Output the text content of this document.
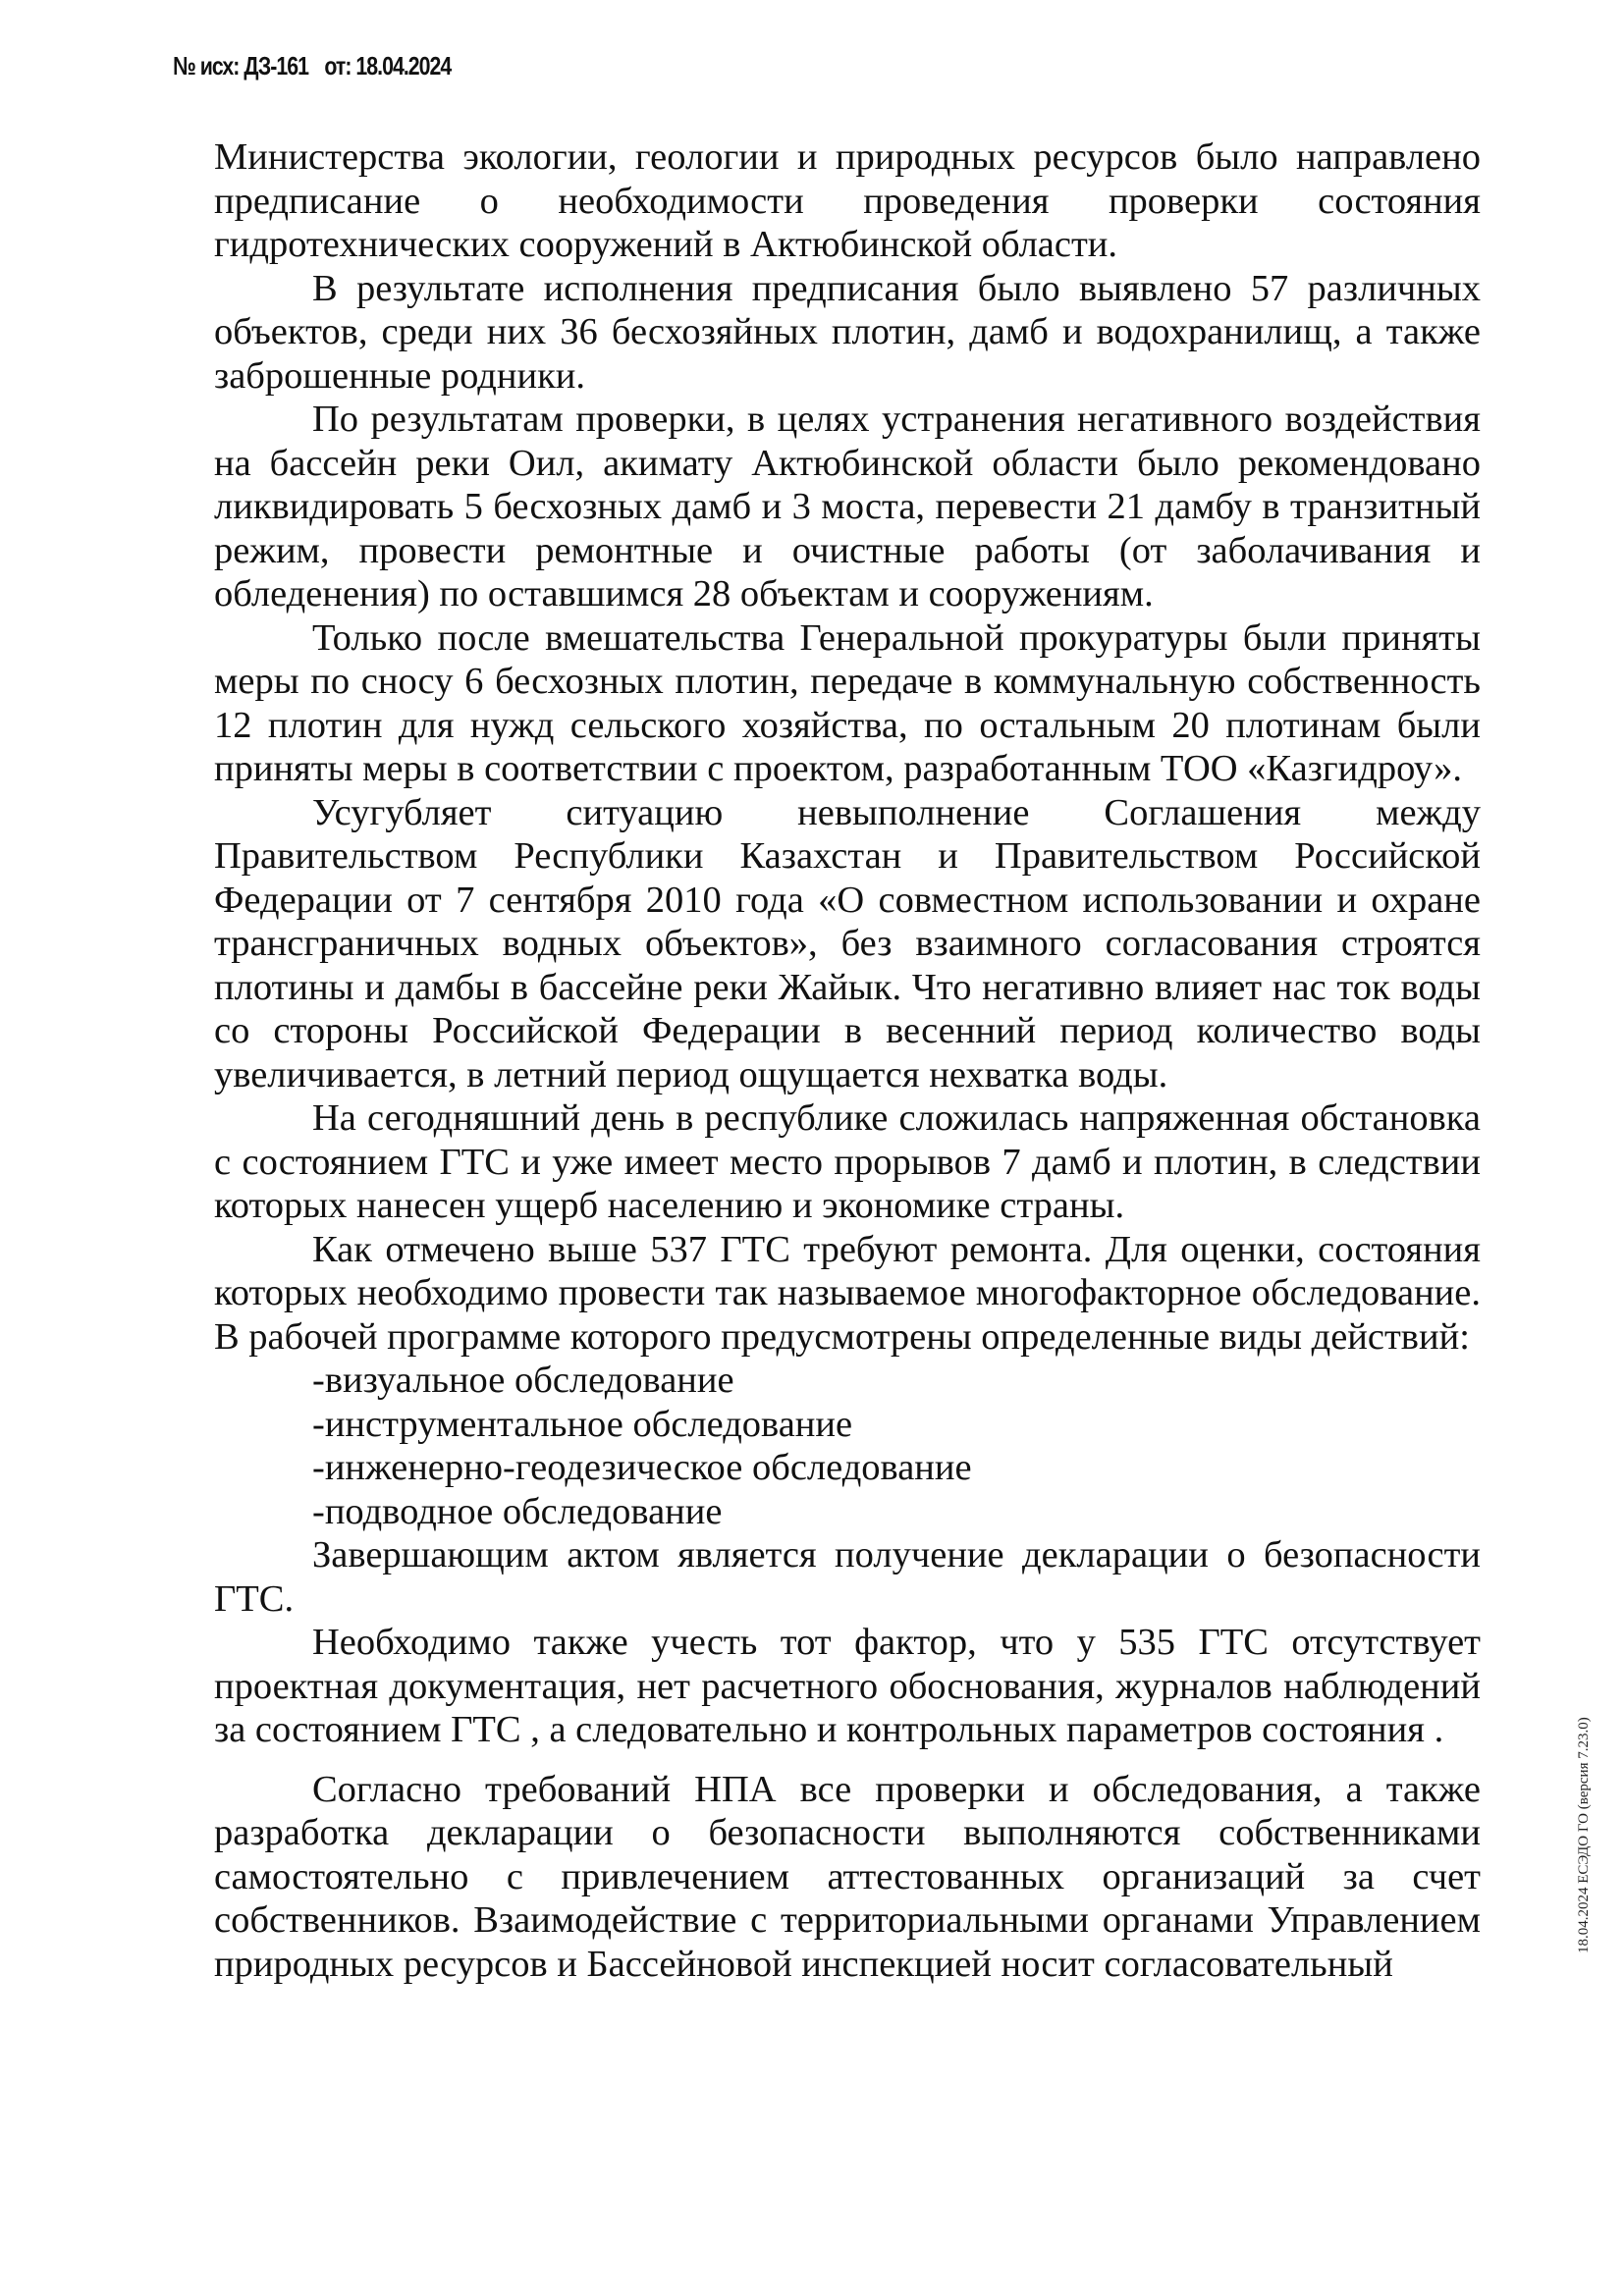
№ исх: ДЗ-161 от: 18.04.2024

Министерства экологии, геологии и природных ресурсов было направлено предписание о необходимости проведения проверки состояния гидротехнических сооружений в Актюбинской области.

В результате исполнения предписания было выявлено 57 различных объектов, среди них 36 бесхозяйных плотин, дамб и водохранилищ, а также заброшенные родники.

По результатам проверки, в целях устранения негативного воздействия на бассейн реки Оил, акимату Актюбинской области было рекомендовано ликвидировать 5 бесхозных дамб и 3 моста, перевести 21 дамбу в транзитный режим, провести ремонтные и очистные работы (от заболачивания и обледенения) по оставшимся 28 объектам и сооружениям.

Только после вмешательства Генеральной прокуратуры были приняты меры по сносу 6 бесхозных плотин, передаче в коммунальную собственность 12 плотин для нужд сельского хозяйства, по остальным 20 плотинам были приняты меры в соответствии с проектом, разработанным ТОО «Казгидроу».

Усугубляет ситуацию невыполнение Соглашения между Правительством Республики Казахстан и Правительством Российской Федерации от 7 сентября 2010 года «О совместном использовании и охране трансграничных водных объектов», без взаимного согласования строятся плотины и дамбы в бассейне реки Жайык. Что негативно влияет нас ток воды со стороны Российской Федерации в весенний период количество воды увеличивается, в летний период ощущается нехватка воды.

На сегодняшний день в республике сложилась напряженная обстановка с состоянием ГТС и уже имеет место прорывов 7 дамб и плотин, в следствии которых нанесен ущерб населению и экономике страны.

Как отмечено выше 537 ГТС требуют ремонта. Для оценки, состояния которых необходимо провести так называемое многофакторное обследование. В рабочей программе которого предусмотрены определенные виды действий:

-визуальное обследование
-инструментальное обследование
-инженерно-геодезическое обследование
-подводное обследование

Завершающим актом является получение декларации о безопасности ГТС.

Необходимо также учесть тот фактор, что у 535 ГТС отсутствует проектная документация, нет расчетного обоснования, журналов наблюдений за состоянием ГТС , а следовательно и контрольных параметров состояния .

Согласно требований НПА все проверки и обследования, а также разработка декларации о безопасности выполняются собственниками самостоятельно с привлечением аттестованных организаций за счет собственников. Взаимодействие с территориальными органами Управлением природных ресурсов и Бассейновой инспекцией носит согласовательный

18.04.2024 ЕСЭДО ГО (версия 7.23.0)
